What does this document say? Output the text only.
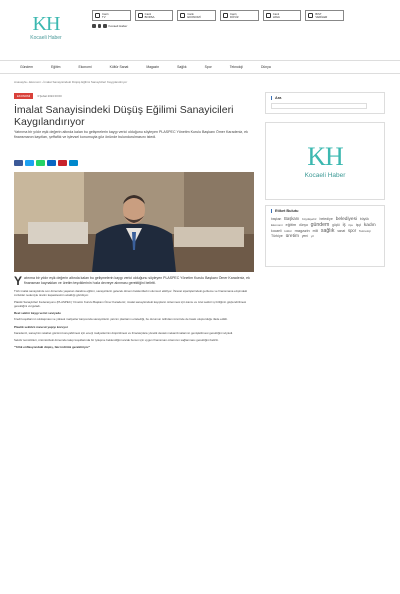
KH
Kocaeli Haber
Canlı
TV
Canlı
BORSA
Canlı
EKONOMİ
Canlı
DÖVİZ
Canlı
HAVA
BIST
VERİLER
Kocaeli Haber
Gündem	Eğitim	Ekonomi	Kültür Sanat	Magazin	Sağlık	Spor	Teknoloji	Dünya
Anasayfa › Ekonomi › İmalat Sanayisindeki Düşüş Eğilimi Sanayicileri Kaygılandırıyor
EKONOMİ	3 Şubat 2024 00:00
İmalat Sanayisindeki Düşüş Eğilimi Sanayicileri Kaygılandırıyor
Yatırıma bir yıldır eşik değerin altında kalan bu gelişmelerin kaygı verici olduğunu söyleyen PLASPEC Yönetim Kurulu Başkanı Ömer Karadeniz, ek finansmanın kayıtları, şeffaflık ve işlevsel konumuyla göz önünde bulundurulmasını istedi.
Yatırıma bir yıldır eşik değerin altında kalan bu gelişmelerin kaygı verici olduğunu söyleyen PLASPEC Yönetim Kurulu Başkanı Ömer Karadeniz, ek finansman kaynakları ve üretim teşviklerinin hızla devreye alınması gerektiğini belirtti.
Türk imalat sanayisinde son dönemde yaşanan daralma eğilimi, sanayicilerin gelecek dönem beklentilerini olumsuz etkiliyor. İhracat siparişlerindeki gerileme ve finansmana erişimdeki zorluklar nedeniyle üretim kapasitesinin azaldığı görülüyor.
Plastik Sanayicileri Federasyonu (PLASPEC) Yönetim Kurulu Başkanı Ömer Karadeniz, imalat sanayisindeki kayıpların önlenmesi için kamu ve özel sektör iş birliğinin güçlendirilmesi gerektiğini vurguladı.
Reel sektör kaygı verici seviyede
Kredi koşullarının sıkılaşması ve yüksek maliyetler karşısında sanayicilerin yatırım planlarını ertelediği, bu durumun istihdam üzerinde de baskı oluşturduğu ifade edildi.
Plastik sektörü mevcut yapıyı koruyor
Karadeniz, sanayinin rekabet gücünü koruyabilmesi için enerji maliyetlerinin düşürülmesi ve ihracatçılara yönelik destek mekanizmalarının genişletilmesi gerektiğini söyledi.
Sektör temsilcileri, önümüzdeki dönemde talep koşullarında bir iyileşme beklendiğini ancak bunun için uygun finansman ortamının sağlanması gerektiğini belirtti.
"Yıllık enflasyondaki düşüş, faiz indirimi gerektiriyor"
Ara
KH
Kocaeli Haber
Etiket Bulutu
başkan Başkanı büyükşehir belediye belediyesi büyük Ekonomi eğitim dünya gündem güçlü iş ilçe işçi kadın kocaeli kültür magazin milli sağlık sanat spor Teknoloji Türkiye üretim yeni yıl
